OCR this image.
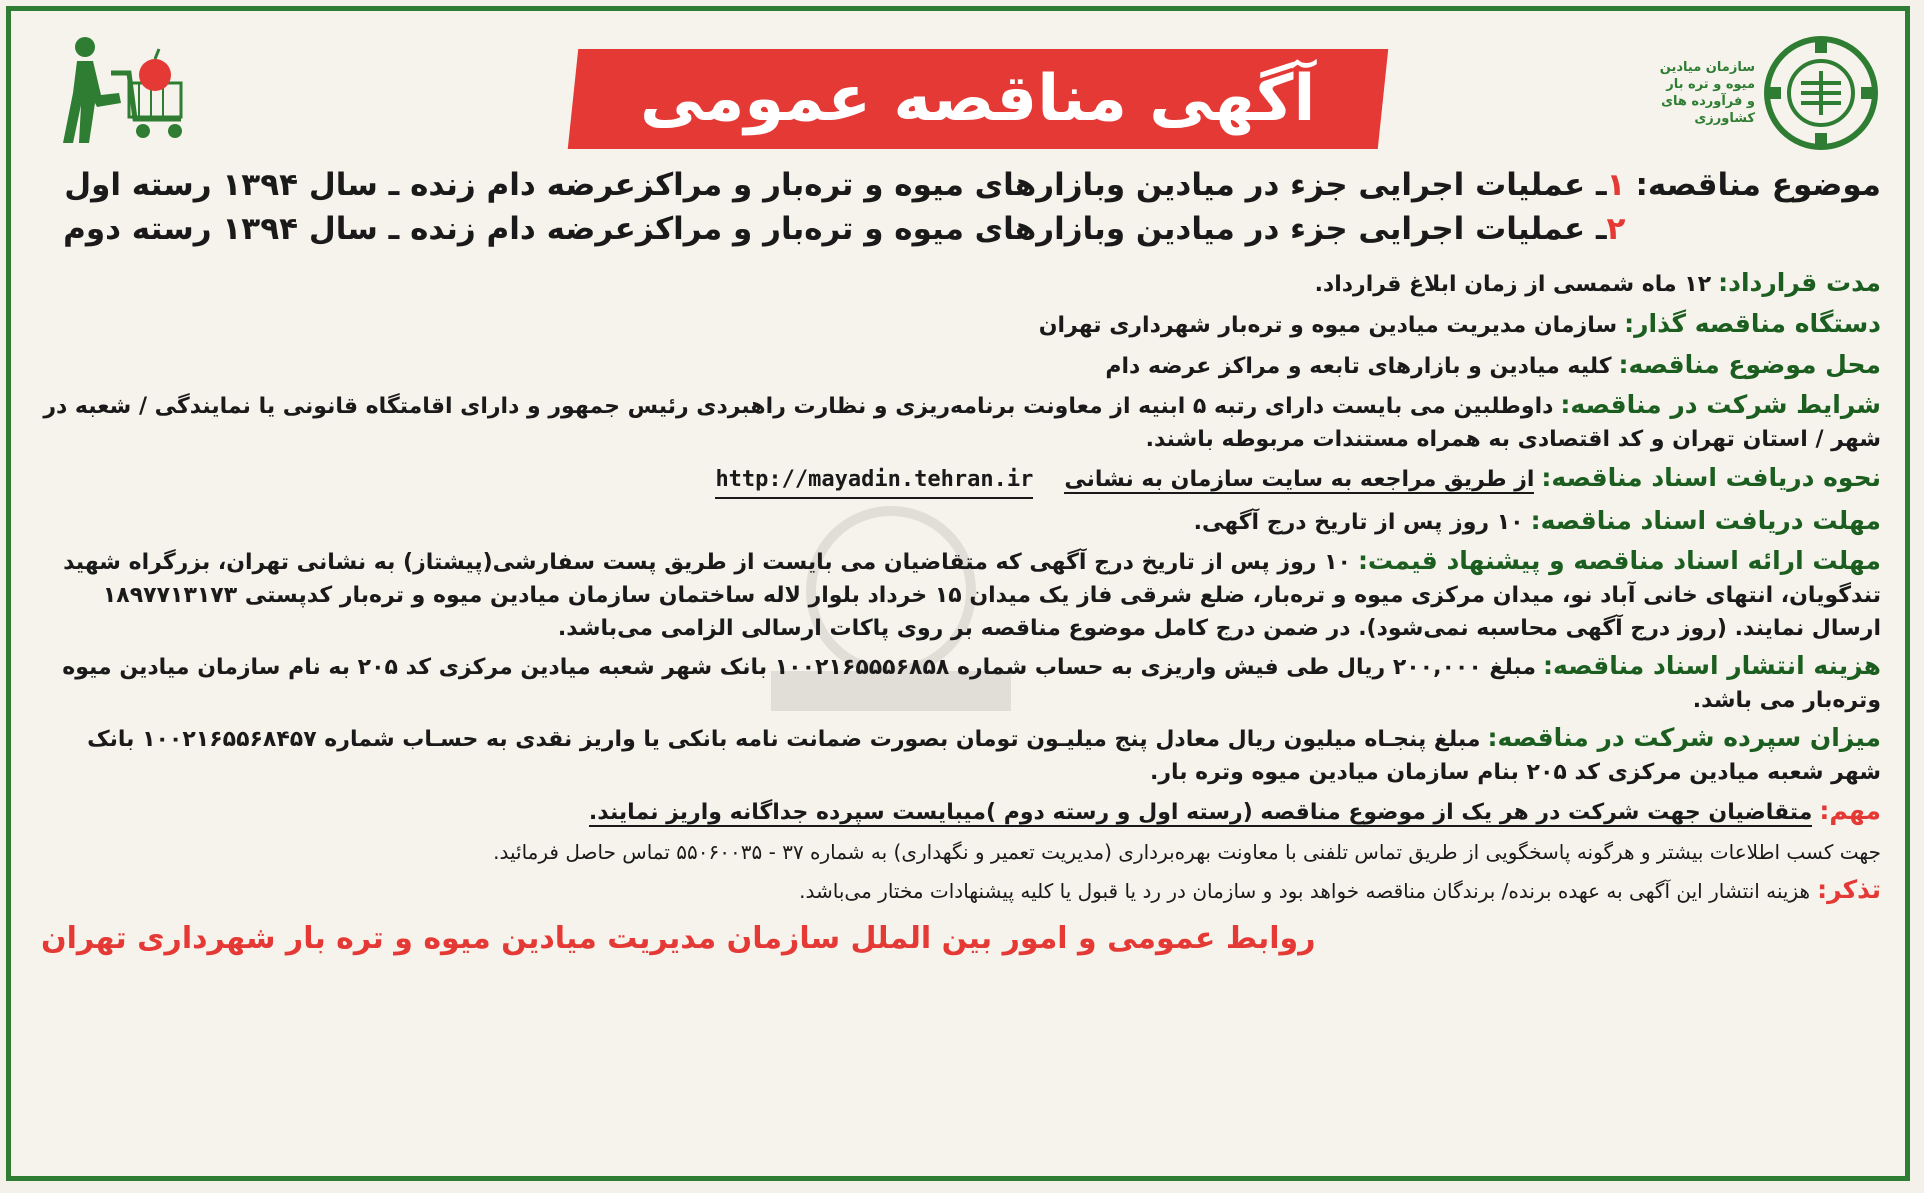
آگهی مناقصه عمومی	سازمان میادین
میوه و تره بار
و فرآورده های
کشاورزی
موضوع مناقصه:
۱ـ عملیات اجرایی جزء در میادین وبازارهای میوه و تره‌بار و مراکزعرضه دام زنده ـ سال ۱۳۹۴ رسته اول
۲ـ عملیات اجرایی جزء در میادین وبازارهای میوه و تره‌بار و مراکزعرضه دام زنده ـ سال ۱۳۹۴ رسته دوم
مدت قرارداد: ۱۲ ماه شمسی از زمان ابلاغ قرارداد.
دستگاه مناقصه گذار: سازمان مدیریت میادین میوه و تره‌بار شهرداری تهران
محل موضوع مناقصه: کلیه میادین و بازارهای تابعه و مراکز عرضه دام
شرایط شرکت در مناقصه: داوطلبین می بایست دارای رتبه ۵ ابنیه از معاونت برنامه‌ریزی و نظارت راهبردی رئیس جمهور و دارای اقامتگاه قانونی یا نمایندگی / شعبه در شهر / استان تهران و کد اقتصادی به همراه مستندات مربوطه باشند.
نحوه دریافت اسناد مناقصه: از طریق مراجعه به سایت سازمان به نشانی http://mayadin.tehran.ir
مهلت دریافت اسناد مناقصه: ۱۰ روز پس از تاریخ درج آگهی.
مهلت ارائه اسناد مناقصه و پیشنهاد قیمت: ۱۰ روز پس از تاریخ درج آگهی که متقاضیان می بایست از طریق پست سفارشی(پیشتاز) به نشانی تهران، بزرگراه شهید تندگویان، انتهای خانی آباد نو، میدان مرکزی میوه و تره‌بار، ضلع شرقی فاز یک میدان ۱۵ خرداد بلوار لاله ساختمان سازمان میادین میوه و تره‌بار کدپستی ۱۸۹۷۷۱۳۱۷۳ ارسال نمایند. (روز درج آگهی محاسبه نمی‌شود). در ضمن درج کامل موضوع مناقصه بر روی پاکات ارسالی الزامی می‌باشد.
هزینه انتشار اسناد مناقصه: مبلغ ۲۰۰,۰۰۰ ریال طی فیش واریزی به حساب شماره ۱۰۰۲۱۶۵۵۵۶۸۵۸ بانک شهر شعبه میادین مرکزی کد ۲۰۵ به نام سازمان میادین میوه وتره‌بار می باشد.
میزان سپرده شرکت در مناقصه: مبلغ پنجـاه میلیون ریال معادل پنج میلیـون تومان بصورت ضمانت نامه بانکی یا واریز نقدی به حسـاب شماره ۱۰۰۲۱۶۵۵۶۸۴۵۷ بانک شهر شعبه میادین مرکزی کد ۲۰۵ بنام سازمان میادین میوه وتره بار.
مهم: متقاضیان جهت شرکت در هر یک از موضوع مناقصه (رسته اول و رسته دوم )میبایست سپرده جداگانه واریز نمایند.
جهت کسب اطلاعات بیشتر و هرگونه پاسخگویی از طریق تماس تلفنی با معاونت بهره‌برداری (مدیریت تعمیر و نگهداری) به شماره ۳۷ - ۵۵۰۶۰۰۳۵ تماس حاصل فرمائید.
تذکر: هزینه انتشار این آگهی به عهده برنده/ برندگان مناقصه خواهد بود و سازمان در رد یا قبول یا کلیه پیشنهادات مختار می‌باشد.
روابط عمومی و امور بین الملل سازمان مدیریت میادین میوه و تره بار شهرداری تهران
